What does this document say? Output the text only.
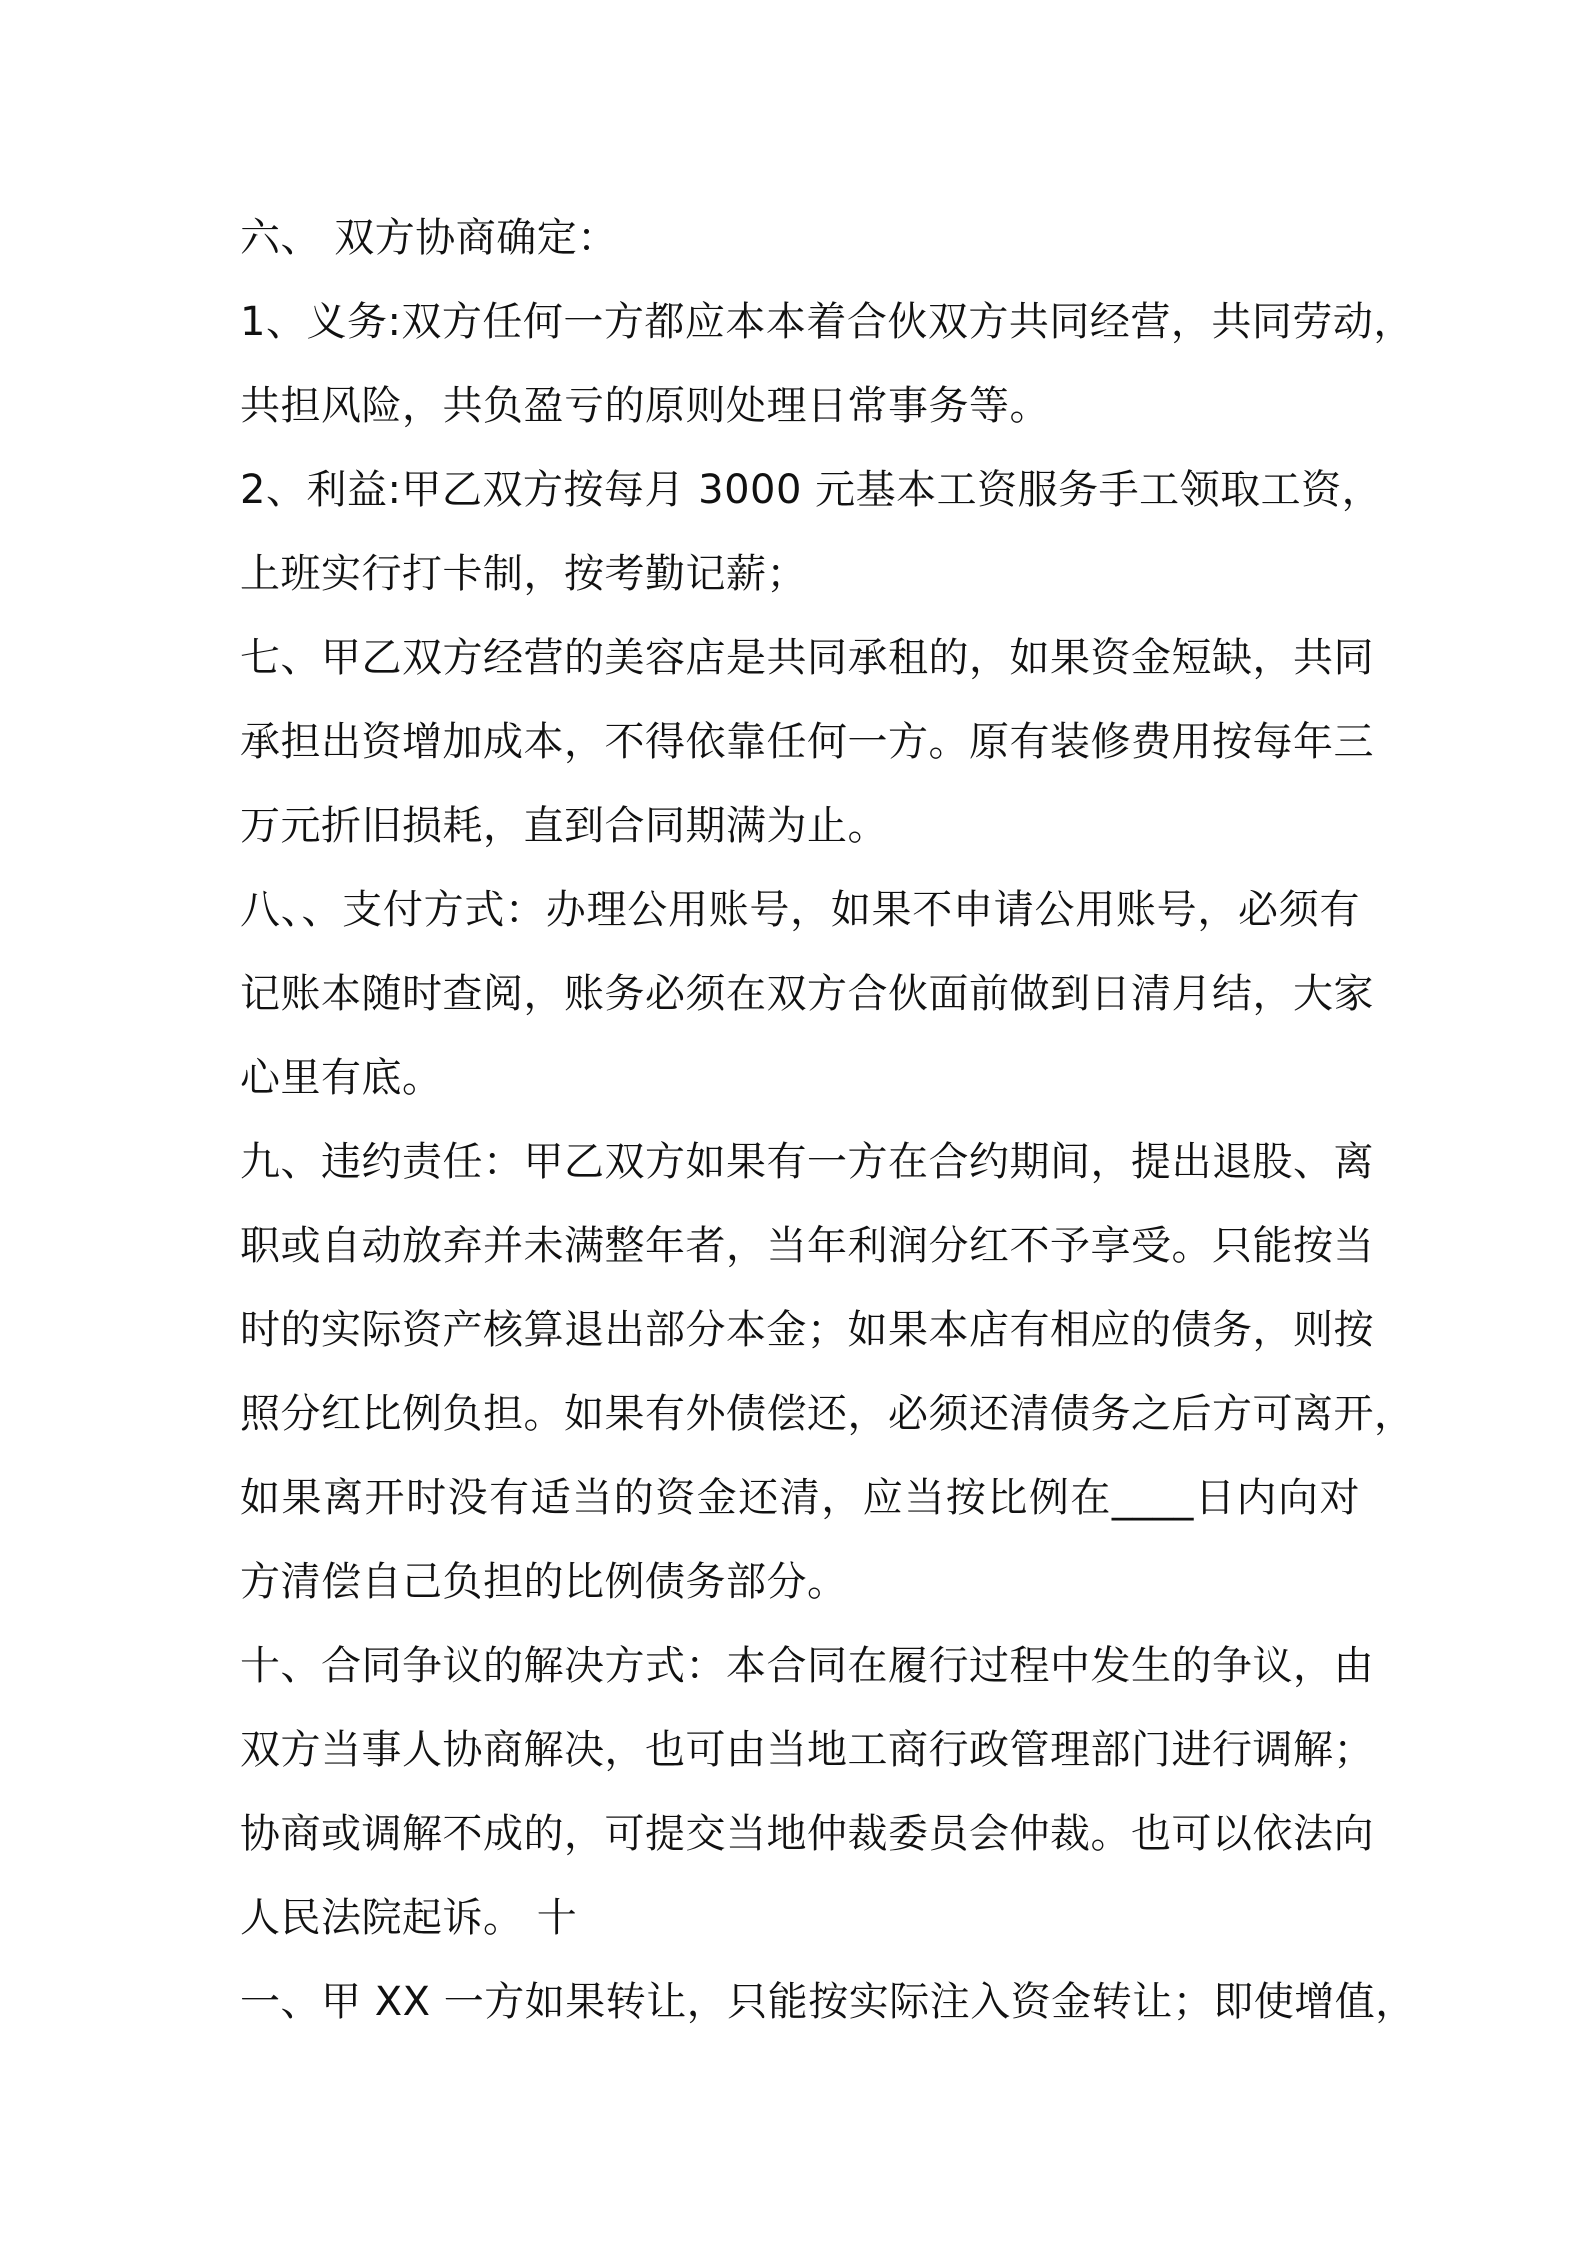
六、 双方协商确定：
1、义务:双方任何一方都应本本着合伙双方共同经营，共同劳动，
共担风险，共负盈亏的原则处理日常事务等。
2、利益:甲乙双方按每月 3000 元基本工资服务手工领取工资，
上班实行打卡制，按考勤记薪；
七、甲乙双方经营的美容店是共同承租的，如果资金短缺，共同
承担出资增加成本，不得依靠任何一方。原有装修费用按每年三
万元折旧损耗，直到合同期满为止。
八、、支付方式：办理公用账号，如果不申请公用账号，必须有
记账本随时查阅，账务必须在双方合伙面前做到日清月结，大家
心里有底。
九、违约责任：甲乙双方如果有一方在合约期间，提出退股、离
职或自动放弃并未满整年者，当年利润分红不予享受。只能按当
时的实际资产核算退出部分本金；如果本店有相应的债务，则按
照分红比例负担。如果有外债偿还，必须还清债务之后方可离开，
如果离开时没有适当的资金还清，应当按比例在____日内向对
方清偿自己负担的比例债务部分。
十、合同争议的解决方式：本合同在履行过程中发生的争议，由
双方当事人协商解决，也可由当地工商行政管理部门进行调解；
协商或调解不成的，可提交当地仲裁委员会仲裁。也可以依法向
人民法院起诉。 十
一、甲 XX 一方如果转让，只能按实际注入资金转让；即使增值，
